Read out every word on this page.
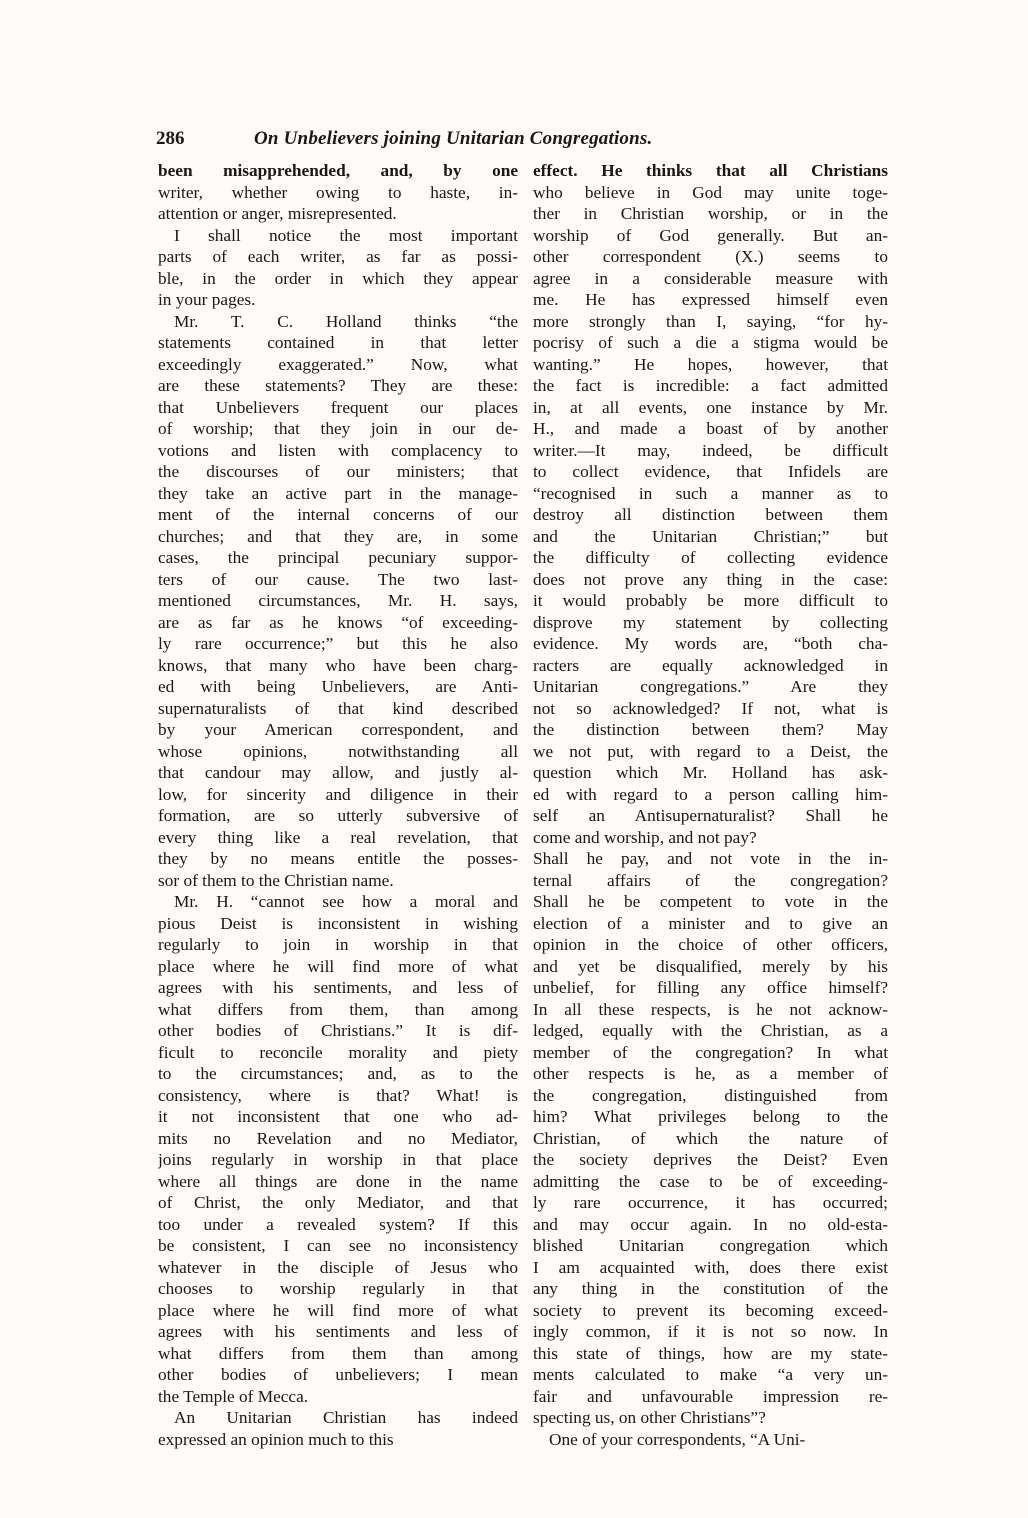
286	On Unbelievers joining Unitarian Congregations.
been misapprehended, and, by one
writer, whether owing to haste, in-
attention or anger, misrepresented.
I shall notice the most important
parts of each writer, as far as possi-
ble, in the order in which they appear
in your pages.
Mr. T. C. Holland thinks “the
statements contained in that letter
exceedingly exaggerated.” Now, what
are these statements? They are these:
that Unbelievers frequent our places
of worship; that they join in our de-
votions and listen with complacency to
the discourses of our ministers; that
they take an active part in the manage-
ment of the internal concerns of our
churches; and that they are, in some
cases, the principal pecuniary suppor-
ters of our cause. The two last-
mentioned circumstances, Mr. H. says,
are as far as he knows “of exceeding-
ly rare occurrence;” but this he also
knows, that many who have been charg-
ed with being Unbelievers, are Anti-
supernaturalists of that kind described
by your American correspondent, and
whose opinions, notwithstanding all
that candour may allow, and justly al-
low, for sincerity and diligence in their
formation, are so utterly subversive of
every thing like a real revelation, that
they by no means entitle the posses-
sor of them to the Christian name.
Mr. H. “cannot see how a moral and
pious Deist is inconsistent in wishing
regularly to join in worship in that
place where he will find more of what
agrees with his sentiments, and less of
what differs from them, than among
other bodies of Christians.” It is dif-
ficult to reconcile morality and piety
to the circumstances; and, as to the
consistency, where is that? What! is
it not inconsistent that one who ad-
mits no Revelation and no Mediator,
joins regularly in worship in that place
where all things are done in the name
of Christ, the only Mediator, and that
too under a revealed system? If this
be consistent, I can see no inconsistency
whatever in the disciple of Jesus who
chooses to worship regularly in that
place where he will find more of what
agrees with his sentiments and less of
what differs from them than among
other bodies of unbelievers; I mean
the Temple of Mecca.
An Unitarian Christian has indeed
expressed an opinion much to this
effect. He thinks that all Christians
who believe in God may unite toge-
ther in Christian worship, or in the
worship of God generally. But an-
other correspondent (X.) seems to
agree in a considerable measure with
me. He has expressed himself even
more strongly than I, saying, “for hy-
pocrisy of such a die a stigma would be
wanting.” He hopes, however, that
the fact is incredible: a fact admitted
in, at all events, one instance by Mr.
H., and made a boast of by another
writer.—It may, indeed, be difficult
to collect evidence, that Infidels are
“recognised in such a manner as to
destroy all distinction between them
and the Unitarian Christian;” but
the difficulty of collecting evidence
does not prove any thing in the case:
it would probably be more difficult to
disprove my statement by collecting
evidence. My words are, “both cha-
racters are equally acknowledged in
Unitarian congregations.” Are they
not so acknowledged? If not, what is
the distinction between them? May
we not put, with regard to a Deist, the
question which Mr. Holland has ask-
ed with regard to a person calling him-
self an Antisupernaturalist? Shall he
come and worship, and not pay?
Shall he pay, and not vote in the in-
ternal affairs of the congregation?
Shall he be competent to vote in the
election of a minister and to give an
opinion in the choice of other officers,
and yet be disqualified, merely by his
unbelief, for filling any office himself?
In all these respects, is he not acknow-
ledged, equally with the Christian, as a
member of the congregation? In what
other respects is he, as a member of
the congregation, distinguished from
him? What privileges belong to the
Christian, of which the nature of
the society deprives the Deist? Even
admitting the case to be of exceeding-
ly rare occurrence, it has occurred;
and may occur again. In no old-esta-
blished Unitarian congregation which
I am acquainted with, does there exist
any thing in the constitution of the
society to prevent its becoming exceed-
ingly common, if it is not so now. In
this state of things, how are my state-
ments calculated to make “a very un-
fair and unfavourable impression re-
specting us, on other Christians”?
One of your correspondents, “A Uni-
